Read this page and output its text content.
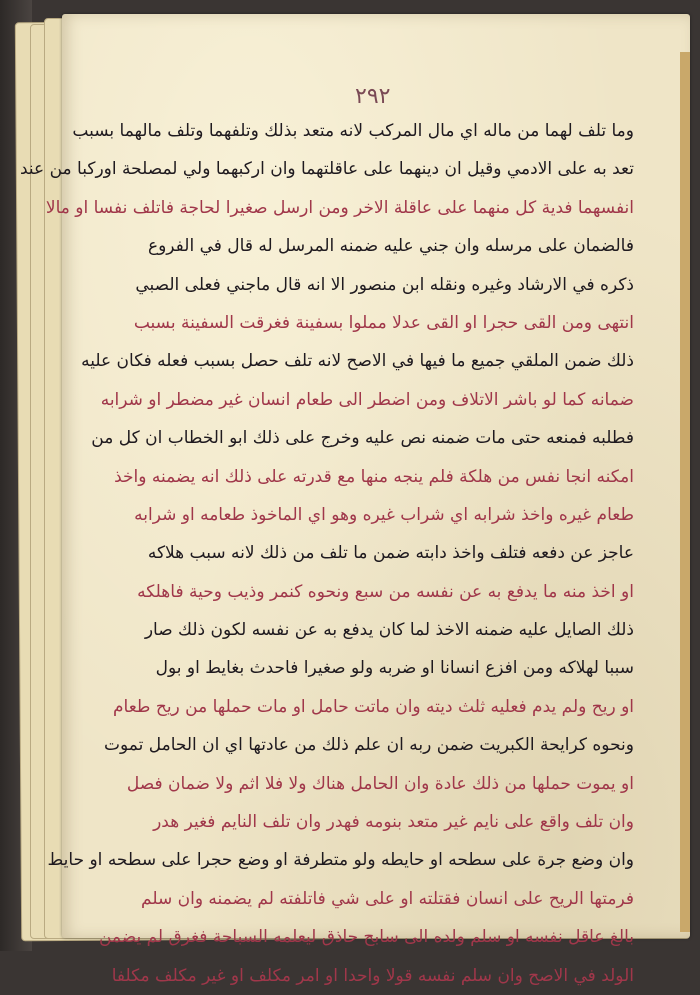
٢٩٢
وما تلف لهما من ماله اي مال المركب لانه متعد بذلك وتلفهما وتلف مالهما بسبب
تعد به على الادمي وقيل ان دينهما على عاقلتهما وان اركبهما ولي لمصلحة اوركبا من عند
انفسهما فدية كل منهما على عاقلة الاخر ومن ارسل صغيرا لحاجة فاتلف نفسا او مالا
فالضمان على مرسله وان جني عليه ضمنه المرسل له قال في الفروع
ذكره في الارشاد وغيره ونقله ابن منصور الا انه قال ماجني فعلى الصبي
انتهى ومن القى حجرا او القى عدلا مملوا بسفينة فغرقت السفينة بسبب
ذلك ضمن الملقي جميع ما فيها في الاصح لانه تلف حصل بسبب فعله فكان عليه
ضمانه كما لو باشر الاتلاف ومن اضطر الى طعام انسان غير مضطر او شرابه
فطلبه فمنعه حتى مات ضمنه نص عليه وخرج على ذلك ابو الخطاب ان كل من
امكنه انجا نفس من هلكة فلم ينجه منها مع قدرته على ذلك انه يضمنه واخذ
طعام غيره واخذ شرابه اي شراب غيره وهو اي الماخوذ طعامه او شرابه
عاجز عن دفعه فتلف واخذ دابته ضمن ما تلف من ذلك لانه سبب هلاكه
او اخذ منه ما يدفع به عن نفسه من سبع ونحوه كنمر وذيب وحية فاهلكه
ذلك الصايل عليه ضمنه الاخذ لما كان يدفع به عن نفسه لكون ذلك صار
سببا لهلاكه ومن افزع انسانا او ضربه ولو صغيرا فاحدث بغايط او بول
او ريح ولم يدم فعليه ثلث ديته وان ماتت حامل او مات حملها من ريح طعام
ونحوه كرايحة الكبريت ضمن ربه ان علم ذلك من عادتها اي ان الحامل تموت
او يموت حملها من ذلك عادة وان الحامل هناك ولا فلا اثم ولا ضمان فصل
وان تلف واقع على نايم غير متعد بنومه فهدر وان تلف النايم فغير هدر
وان وضع جرة على سطحه او حايطه ولو متطرفة او وضع حجرا على سطحه او حايط
فرمتها الريح على انسان فقتلته او على شي فاتلفته لم يضمنه وان سلم
بالغ عاقل نفسه او سلم ولده الى سابح حاذق ليعلمه السباحة فغرق لم يضمن
الولد في الاصح وان سلم نفسه قولا واحدا او امر مكلف او غير مكلف مكلفا
